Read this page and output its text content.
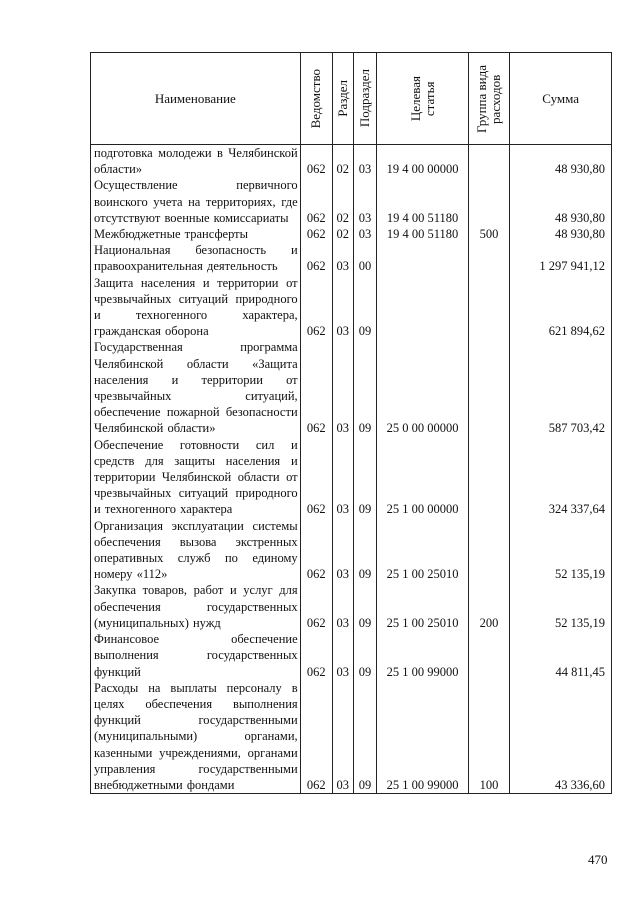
Наименование	Ведомство	Раздел	Подраздел	Целевая статья	Группа вида расходов	Сумма
подготовка молодежи в Челябинской области»	062	02	03	19 4 00 00000		48 930,80
Осуществление первичного воинского учета на территориях, где отсутствуют военные комиссариаты	062	02	03	19 4 00 51180		48 930,80
Межбюджетные трансферты	062	02	03	19 4 00 51180	500	48 930,80
Национальная безопасность и правоохранительная деятельность	062	03	00			1 297 941,12
Защита населения и территории от чрезвычайных ситуаций природного и техногенного характера, гражданская оборона	062	03	09			621 894,62
Государственная программа Челябинской области «Защита населения и территории от чрезвычайных ситуаций, обеспечение пожарной безопасности Челябинской области»	062	03	09	25 0 00 00000		587 703,42
Обеспечение готовности сил и средств для защиты населения и территории Челябинской области от чрезвычайных ситуаций природного и техногенного характера	062	03	09	25 1 00 00000		324 337,64
Организация эксплуатации системы обеспечения вызова экстренных оперативных служб по единому номеру «112»	062	03	09	25 1 00 25010		52 135,19
Закупка товаров, работ и услуг для обеспечения государственных (муниципальных) нужд	062	03	09	25 1 00 25010	200	52 135,19
Финансовое обеспечение выполнения государственных функций	062	03	09	25 1 00 99000		44 811,45
Расходы на выплаты персоналу в целях обеспечения выполнения функций государственными (муниципальными) органами, казенными учреждениями, органами управления государственными внебюджетными фондами	062	03	09	25 1 00 99000	100	43 336,60
470
